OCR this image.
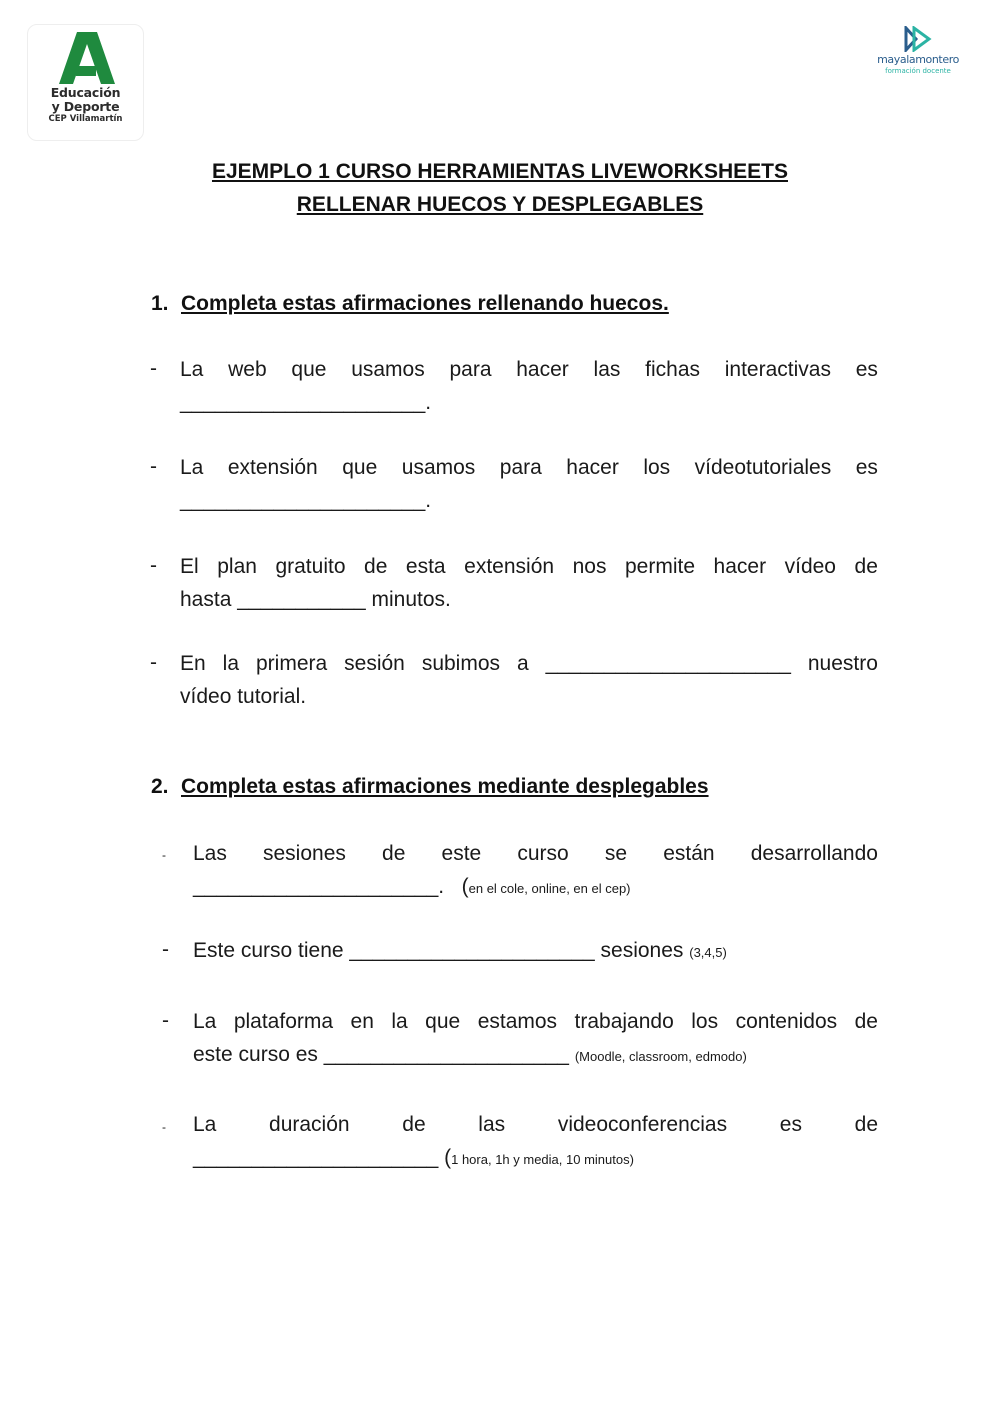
Educación
y Deporte
CEP Villamartín
mayalamontero
formación docente
EJEMPLO 1 CURSO HERRAMIENTAS LIVEWORKSHEETS
RELLENAR HUECOS Y DESPLEGABLES
1. Completa estas afirmaciones rellenando huecos.
- La web que usamos para hacer las fichas interactivas es
_____________________.
- La extensión que usamos para hacer los vídeotutoriales es
_____________________.
- El plan gratuito de esta extensión nos permite hacer vídeo de
hasta ___________ minutos.
- En la primera sesión subimos a _____________________ nuestro
vídeo tutorial.
2. Completa estas afirmaciones mediante desplegables
- Las sesiones de este curso se están desarrollando
_____________________. (en el cole, online, en el cep)
- Este curso tiene _____________________ sesiones (3,4,5)
- La plataforma en la que estamos trabajando los contenidos de
este curso es _____________________ (Moodle, classroom, edmodo)
- La	duración	de	las	videoconferencias	es	de
_____________________ (1 hora, 1h y media, 10 minutos)
